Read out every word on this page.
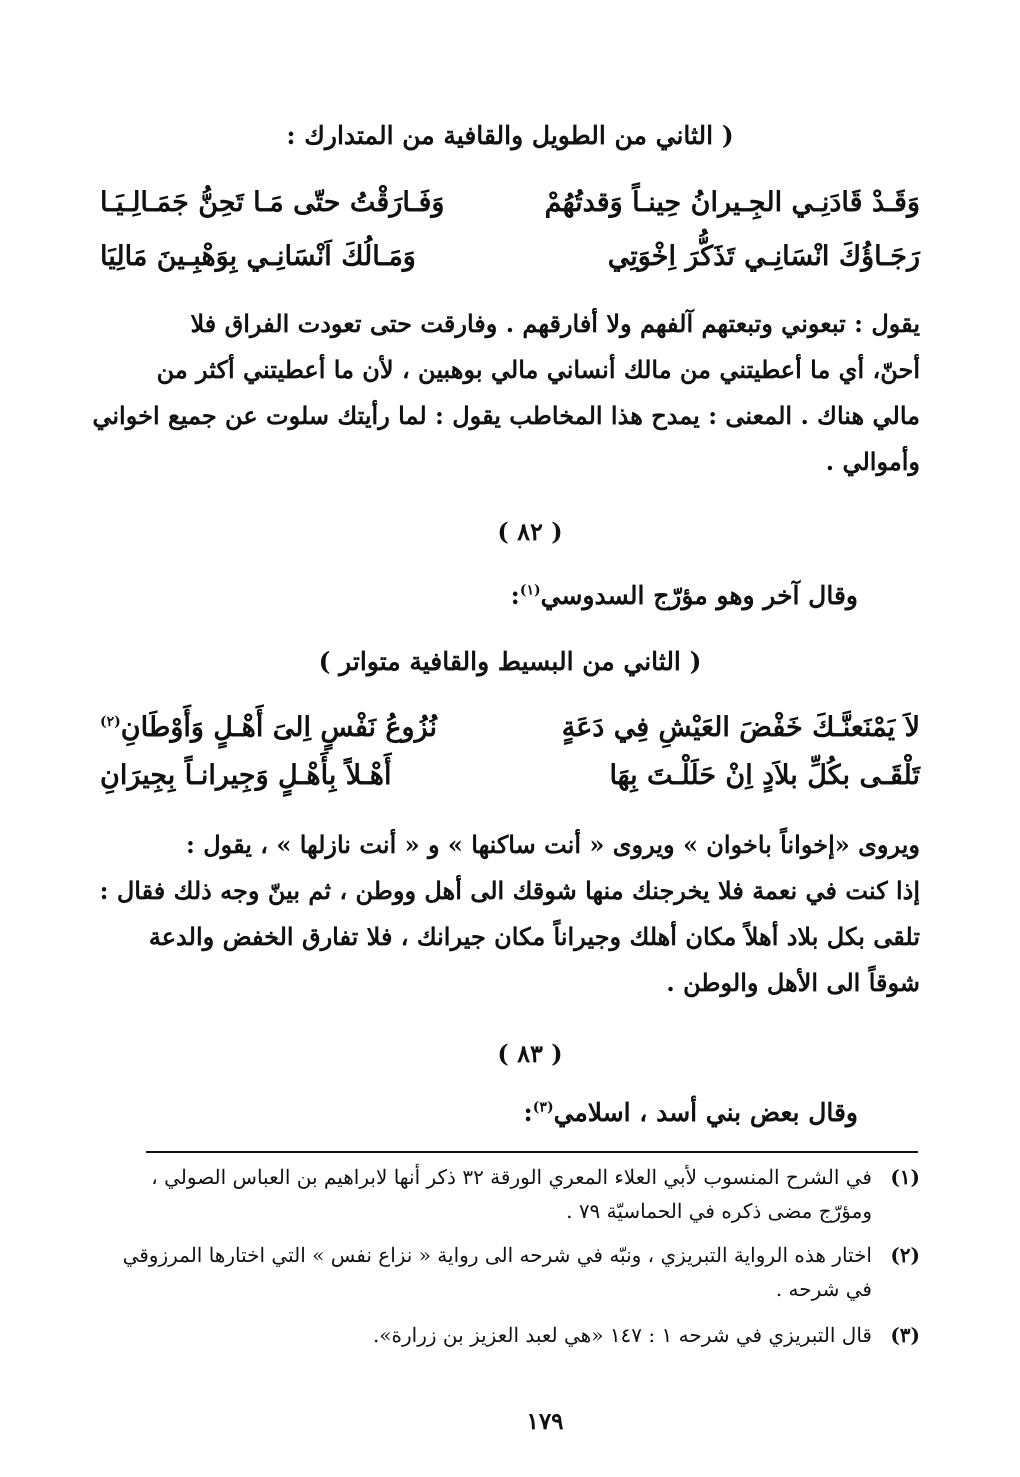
( الثاني من الطويل والقافية من المتدارك :
وَقَـدْ قَادَنِـي الجِـيرانُ حِينـاً وَقدتُهُمْ
وَفَـارَقْتُ حتّى مَـا تَحِنُّ جَمَـالِـيَـا
رَجَـاؤُكَ انْسَانِـي تَذَكُّرَ اِخْوَتِي
وَمَـالُكَ اَنْسَانِـي بِوَهْبِـينَ مَالِيَا
يقول : تبعوني وتبعتهم آلفهم ولا أفارقهم . وفارقت حتى تعودت الفراق فلا
أحنّ، أي ما أعطيتني من مالك أنساني مالي بوهبين ، لأن ما أعطيتني أكثر من
مالي هناك . المعنى : يمدح هذا المخاطب يقول : لما رأيتك سلوت عن جميع اخواني
وأموالي .
( ٨٢ )
وقال آخر وهو مؤرّج السدوسي$^{(١)}$:
( الثاني من البسيط والقافية متواتر )
لاَ يَمْنَعنَّـكَ خَفْضَ العَيْشِ فِي دَعَةٍ
نُزُوعُ نَفْسٍ اِلىَ أَهْـلٍ وَأَوْطَانِ$^{(٢)}$
تَلْقَـى بكُلِّ بلاَدٍ اِنْ حَلَلْـتَ بِهَا
أَهْـلاً بِأَهْـلٍ وَجِيرانـاً بِجِيرَانِ
ويروى «إخواناً باخوان » ويروى « أنت ساكنها » و « أنت نازلها » ، يقول :
إذا كنت في نعمة فلا يخرجنك منها شوقك الى أهل ووطن ، ثم بينّ وجه ذلك فقال :
تلقى بكل بلاد أهلاً مكان أهلك وجيراناً مكان جيرانك ، فلا تفارق الخفض والدعة
شوقاً الى الأهل والوطن .
( ٨٣ )
وقال بعض بني أسد ، اسلامي$^{(٣)}$:
(١)
في الشرح المنسوب لأبي العلاء المعري الورقة ٣٢ ذكر أنها لابراهيم بن العباس الصولي ،
ومؤرّج مضى ذكره في الحماسيّة ٧٩ .
(٢)
اختار هذه الرواية التبريزي ، ونبّه في شرحه الى رواية « نزاع نفس » التي اختارها المرزوقي
في شرحه .
(٣)
قال التبريزي في شرحه ١ : ١٤٧ «هي لعبد العزيز بن زرارة».
١٧٩
